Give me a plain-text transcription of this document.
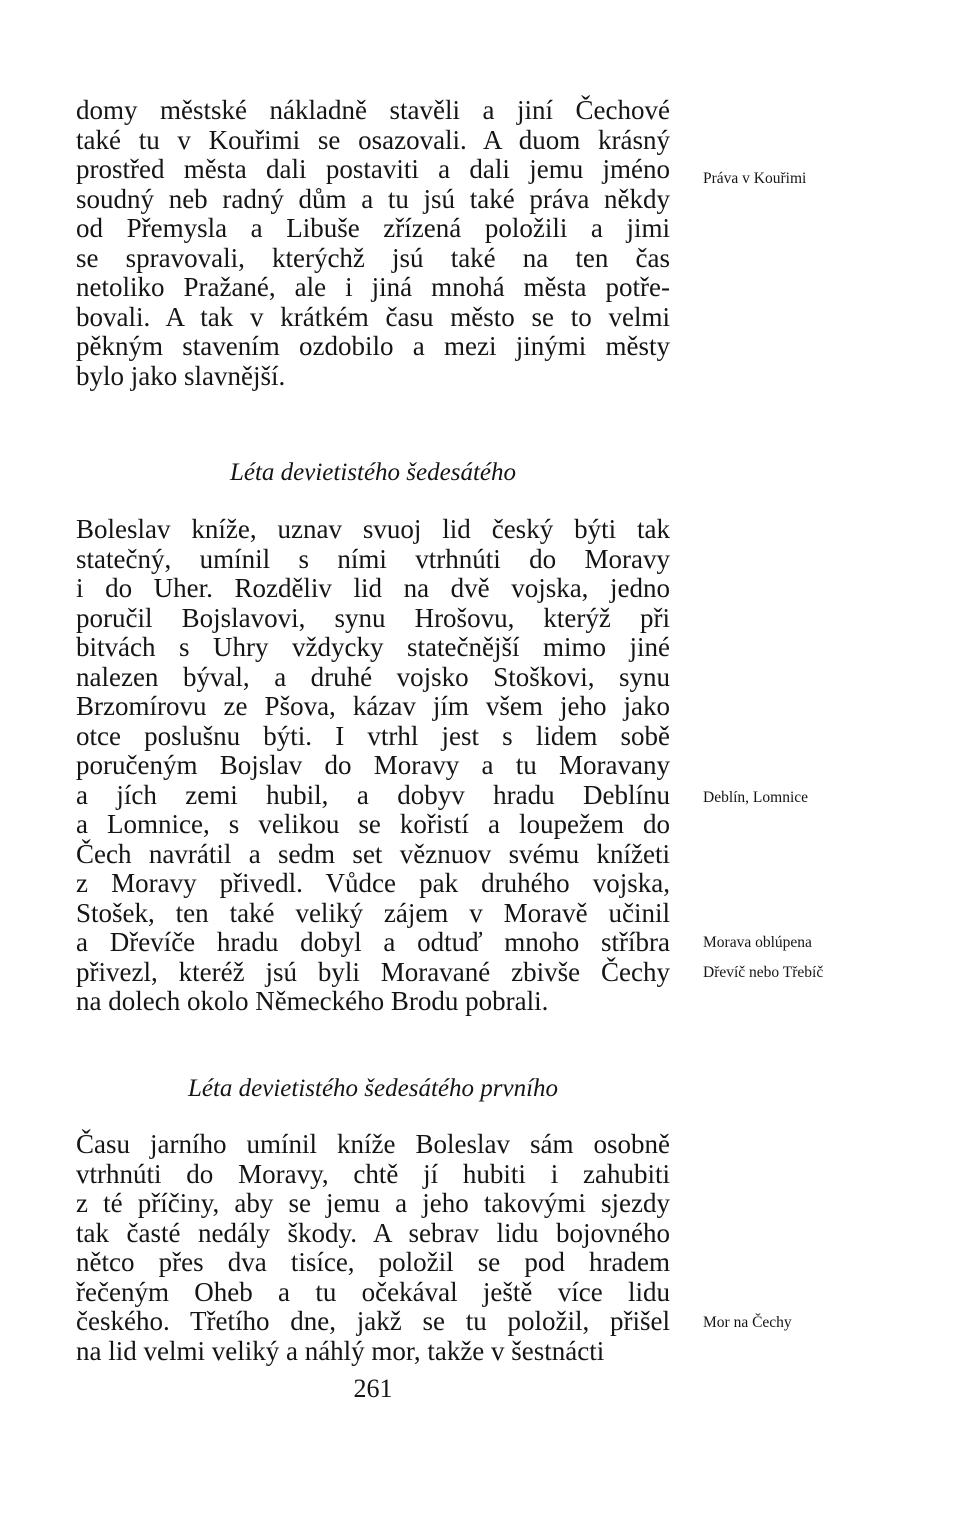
domy městské nákladně stavěli a jiní Čechové
také tu v Kouřimi se osazovali. A duom krásný
prostřed města dali postaviti a dali jemu jméno
soudný neb radný dům a tu jsú také práva někdy
od Přemysla a Libuše zřízená položili a jimi
se spravovali, kterýchž jsú také na ten čas
netoliko Pražané, ale i jiná mnohá města potře-
bovali. A tak v krátkém času město se to velmi
pěkným stavením ozdobilo a mezi jinými městy
bylo jako slavnější.
Léta devietistého šedesátého
Boleslav kníže, uznav svuoj lid český býti tak
statečný, umínil s ními vtrhnúti do Moravy
i do Uher. Rozděliv lid na dvě vojska, jedno
poručil Bojslavovi, synu Hrošovu, kterýž při
bitvách s Uhry vždycky statečnější mimo jiné
nalezen býval, a druhé vojsko Stoškovi, synu
Brzomírovu ze Pšova, kázav jím všem jeho jako
otce poslušnu býti. I vtrhl jest s lidem sobě
poručeným Bojslav do Moravy a tu Moravany
a jích zemi hubil, a dobyv hradu Deblínu
a Lomnice, s velikou se kořistí a loupežem do
Čech navrátil a sedm set věznuov svému knížeti
z Moravy přivedl. Vůdce pak druhého vojska,
Stošek, ten také veliký zájem v Moravě učinil
a Dřevíče hradu dobyl a odtuď mnoho stříbra
přivezl, kteréž jsú byli Moravané zbivše Čechy
na dolech okolo Německého Brodu pobrali.
Léta devietistého šedesátého prvního
Času jarního umínil kníže Boleslav sám osobně
vtrhnúti do Moravy, chtě jí hubiti i zahubiti
z té příčiny, aby se jemu a jeho takovými sjezdy
tak časté nedály škody. A sebrav lidu bojovného
nětco přes dva tisíce, položil se pod hradem
řečeným Oheb a tu očekával ještě více lidu
českého. Třetího dne, jakž se tu položil, přišel
na lid velmi veliký a náhlý mor, takže v šestnácti
Práva v Kouřimi
Deblín, Lomnice
Morava oblúpena
Dřevíč nebo Třebíč
Mor na Čechy
261
